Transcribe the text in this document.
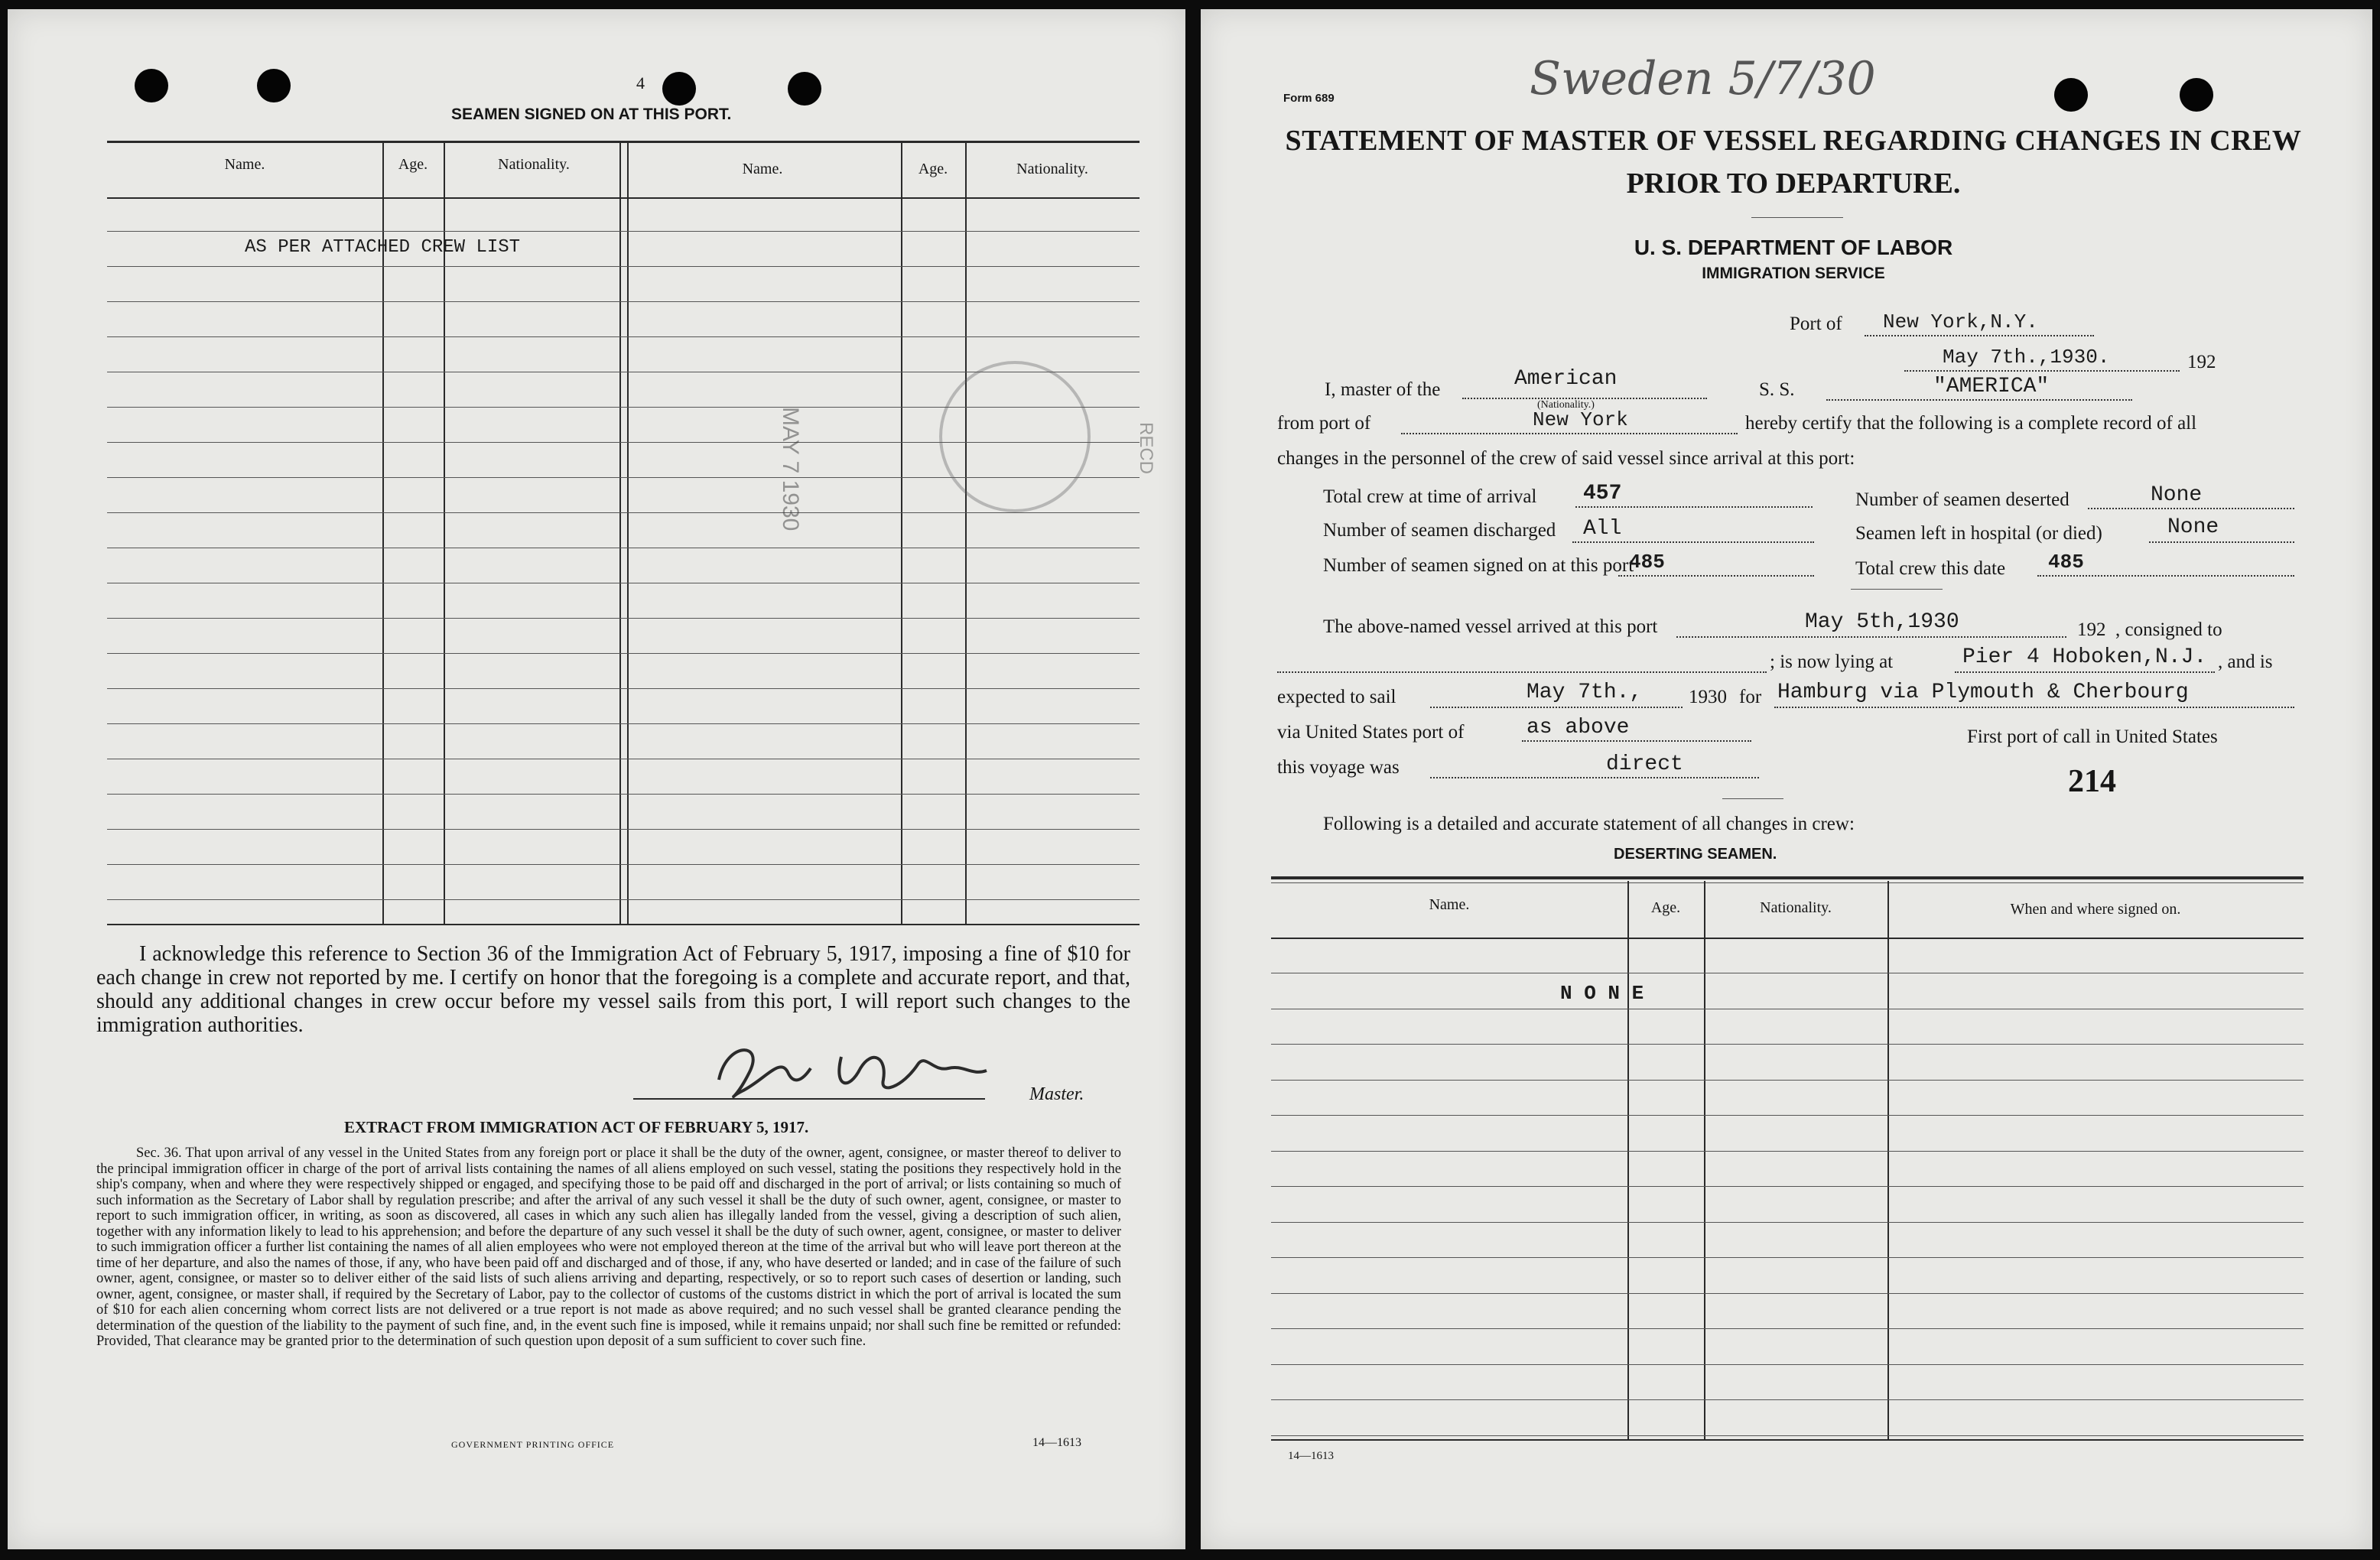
4
SEAMEN SIGNED ON AT THIS PORT.
Name.	Age.	Nationality.	Name.	Age.	Nationality.
AS PER ATTACHED CREW LIST
MAY 7 1930	RECD
I acknowledge this reference to Section 36 of the Immigration Act of February 5, 1917, imposing a fine of $10 for each change in crew not reported by me. I certify on honor that the foregoing is a complete and accurate report, and that, should any additional changes in crew occur before my vessel sails from this port, I will report such changes to the immigration authorities.
Master.
EXTRACT FROM IMMIGRATION ACT OF FEBRUARY 5, 1917.
Sec. 36. That upon arrival of any vessel in the United States from any foreign port or place it shall be the duty of the owner, agent, consignee, or master thereof to deliver to the principal immigration officer in charge of the port of arrival lists containing the names of all aliens employed on such vessel, stating the positions they respectively hold in the ship's company, when and where they were respectively shipped or engaged, and specifying those to be paid off and discharged in the port of arrival; or lists containing so much of such information as the Secretary of Labor shall by regulation prescribe; and after the arrival of any such vessel it shall be the duty of such owner, agent, consignee, or master to report to such immigration officer, in writing, as soon as discovered, all cases in which any such alien has illegally landed from the vessel, giving a description of such alien, together with any information likely to lead to his apprehension; and before the departure of any such vessel it shall be the duty of such owner, agent, consignee, or master to deliver to such immigration officer a further list containing the names of all alien employees who were not employed thereon at the time of the arrival but who will leave port thereon at the time of her departure, and also the names of those, if any, who have been paid off and discharged and of those, if any, who have deserted or landed; and in case of the failure of such owner, agent, consignee, or master so to deliver either of the said lists of such aliens arriving and departing, respectively, or so to report such cases of desertion or landing, such owner, agent, consignee, or master shall, if required by the Secretary of Labor, pay to the collector of customs of the customs district in which the port of arrival is located the sum of $10 for each alien concerning whom correct lists are not delivered or a true report is not made as above required; and no such vessel shall be granted clearance pending the determination of the question of the liability to the payment of such fine, and, in the event such fine is imposed, while it remains unpaid; nor shall such fine be remitted or refunded: Provided, That clearance may be granted prior to the determination of such question upon deposit of a sum sufficient to cover such fine.
GOVERNMENT PRINTING OFFICE	14—1613
Form 689	Sweden 5/7/30
STATEMENT OF MASTER OF VESSEL REGARDING CHANGES IN CREW
PRIOR TO DEPARTURE.
U. S. DEPARTMENT OF LABOR
IMMIGRATION SERVICE
Port of New York,N.Y.
May 7th.,1930.	192
I, master of the	American
(Nationality.)
S. S.	"AMERICA"
from port of	New York	hereby certify that the following is a complete record of all
changes in the personnel of the crew of said vessel since arrival at this port:
Total crew at time of arrival 457	Number of seamen deserted	None
Number of seamen discharged All	Seamen left in hospital (or died)	None
Number of seamen signed on at this port
485	Total crew this date 485
The above-named vessel arrived at this port	May 5th,1930	192 , consigned to
; is now lying at	Pier 4 Hoboken,N.J. , and is
expected to sail	May 7th., 1930 for Hamburg via Plymouth & Cherbourg
via United States port of	as above	First port of call in United States
this voyage was	direct	214
Following is a detailed and accurate statement of all changes in crew:
DESERTING SEAMEN.
Name.	Age.	Nationality.	When and where signed on.
N O N E
14—1613
